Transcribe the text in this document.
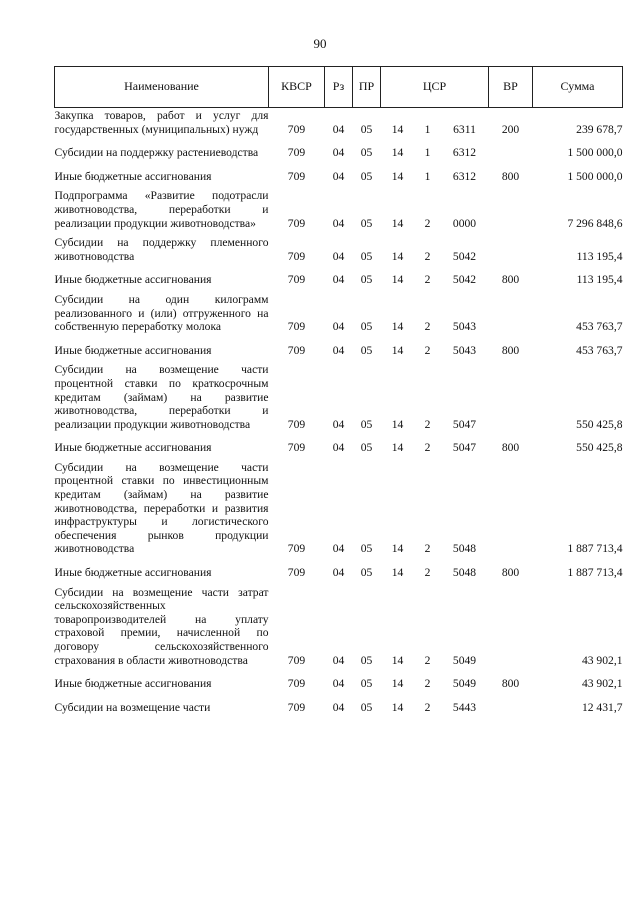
90
Наименование	КВСР	Рз	ПР	ЦСР			ВР	Сумма
Закупка товаров, работ и услуг для государственных (муниципальных) нужд	709	04	05	14	1	6311	200	239 678,7
Субсидии на поддержку растениеводства	709	04	05	14	1	6312		1 500 000,0
Иные бюджетные ассигнования	709	04	05	14	1	6312	800	1 500 000,0
Подпрограмма «Развитие подотрасли животноводства, переработки и реализации продукции животноводства»	709	04	05	14	2	0000		7 296 848,6
Субсидии на поддержку племенного животноводства	709	04	05	14	2	5042		113 195,4
Иные бюджетные ассигнования	709	04	05	14	2	5042	800	113 195,4
Субсидии на один килограмм реализованного и (или) отгруженного на собственную переработку молока	709	04	05	14	2	5043		453 763,7
Иные бюджетные ассигнования	709	04	05	14	2	5043	800	453 763,7
Субсидии на возмещение части процентной ставки по краткосрочным кредитам (займам) на развитие животноводства, переработки и реализации продукции животноводства	709	04	05	14	2	5047		550 425,8
Иные бюджетные ассигнования	709	04	05	14	2	5047	800	550 425,8
Субсидии на возмещение части процентной ставки по инвестиционным кредитам (займам) на развитие животноводства, переработки и развития инфраструктуры и логистического обеспечения рынков продукции животноводства	709	04	05	14	2	5048		1 887 713,4
Иные бюджетные ассигнования	709	04	05	14	2	5048	800	1 887 713,4
Субсидии на возмещение части затрат сельскохозяйственных товаропроизводителей на уплату страховой премии, начисленной по договору сельскохозяйственного страхования в области животноводства	709	04	05	14	2	5049		43 902,1
Иные бюджетные ассигнования	709	04	05	14	2	5049	800	43 902,1
Субсидии на возмещение части	709	04	05	14	2	5443		12 431,7
